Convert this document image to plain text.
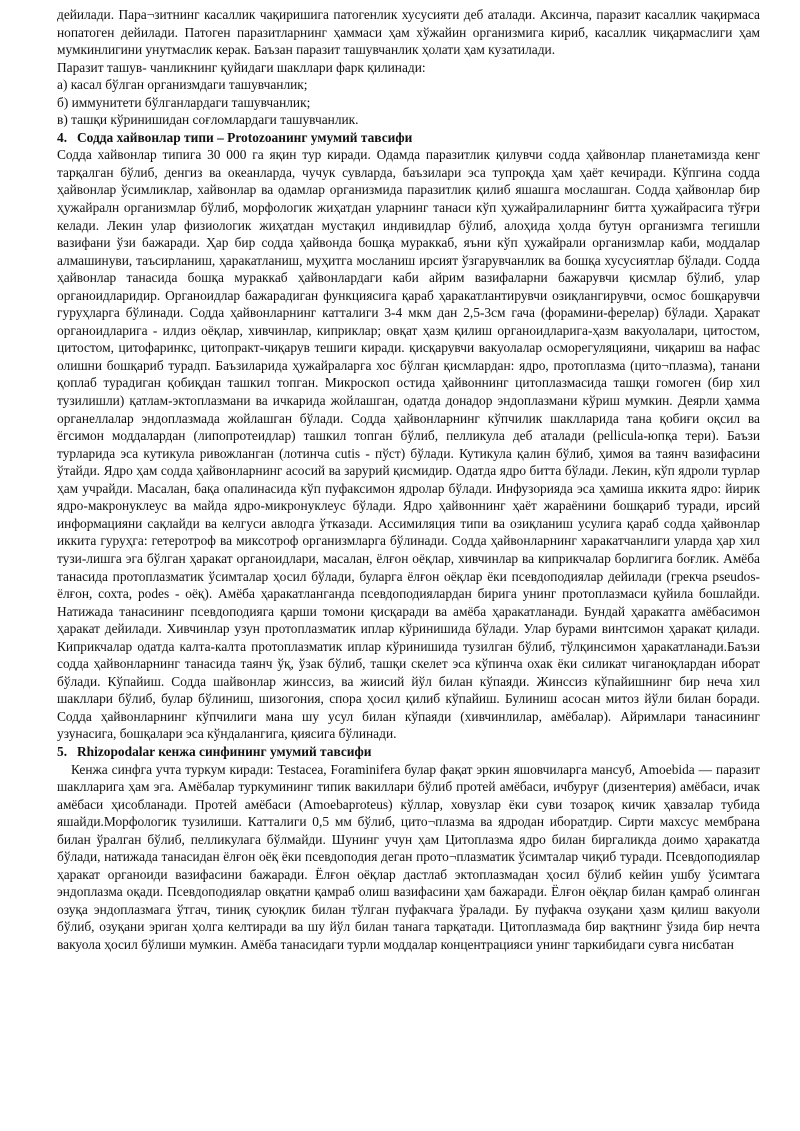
дейилади. Пара¬зитнинг касаллик чақиришига патогенлик хусусияти деб аталади. Аксинча, паразит касаллик чақирмаса нопатоген дейилади. Патоген паразитларнинг ҳаммаси ҳам хўжайин организмига кириб, касаллик чиқармаслиги ҳам мумкинлигини унутмаслик керак. Баъзан паразит ташувчанлик ҳолати ҳам кузатилади.

Паразит ташув- чанликнинг қуйидаги шакллари фарк қилинади:

а) касал бўлган организмдаги ташувчанлик;

б) иммунитети бўлганлардаги ташувчанлик;

в) ташқи кўринишидан соғломлардаги ташувчанлик.

4. Содда хайвонлар типи – Protozoaнинг умумий тавсифи

Содда хайвонлар типига 30 000 га яқин тур киради. Одамда паразитлик қилувчи содда ҳайвонлар планетамизда кенг тарқалган бўлиб, денгиз ва океанларда, чучук сувларда, баъзилари эса тупроқда ҳам ҳаёт кечиради. Кўпгина содда ҳайвонлар ўсимликлар, хайвонлар ва одамлар организмида паразитлик қилиб яшашга мослашган. Содда ҳайвонлар бир ҳужайралн организмлар бўлиб, морфологик жиҳатдан уларнинг танаси кўп ҳужайралиларнинг битта ҳужайрасига тўғри келади. Лекин улар физиологик жиҳатдан мустақил индивидлар бўлиб, алоҳида ҳолда бутун организмга тегишли вазифани ўзи бажаради. Ҳар бир содда ҳайвонда бошқа мураккаб, яъни кўп ҳужайрали организмлар каби, моддалар алмашинуви, таъсирланиш, ҳаракатланиш, муҳитга мосланиш ирсият ўзгарувчанлик ва бошқа хусусиятлар бўлади. Содда ҳайвонлар танасида бошқа мураккаб ҳайвонлардаги каби айрим вазифаларни бажарувчи қисмлар бўлиб, улар органоидларидир. Органоидлар бажарадиган функциясига қараб ҳаракатлантирувчи озиқлангирувчи, осмос бошқарувчи гуруҳларга бўлинади. Содда ҳайвонларнинг катталиги 3-4 мкм дан 2,5-3см гача (форамини-ферелар) бўлади. Ҳаракат органоидларига - илдиз оёқлар, хивчинлар, киприклар; овқат ҳазм қилиш органоидларига-ҳазм вакуолалари, цитостом, цитостом, цитофаринкс, цитопракт-чиқарув тешиги киради. қисқарувчи вакуолалар осморегуляцияни, чиқариш ва нафас олишни бошқариб турадп. Баъзиларида ҳужайраларга хос бўлган қисмлардан: ядро, протоплазма (цито¬плазма), танани қоплаб турадиган қобиқдан ташкил топган. Микроскоп остида ҳайвоннинг цитоплазмасида ташқи гомоген (бир хил тузилишли) қатлам-эктоплазмани ва ичкарида жойлашган, одатда донадор эндоплазмани кўриш мумкин. Деярли ҳамма органеллалар эндоплазмада жойлашган бўлади. Содда ҳайвонларнинг кўпчилик шаклларида тана қобиғи оқсил ва ёгсимон моддалардан (липопротеидлар) ташкил топган бўлиб, пелликула деб аталади (pellicula-юпқа тери). Баъзи турларида эса кутикула ривожланган (лотинча cutis - пўст) бўлади. Кутикула қалин бўлиб, ҳимоя ва таянч вазифасини ўтайди. Ядро ҳам содда ҳайвонларнинг асосий ва зарурий қисмидир. Одатда ядро битта бўлади. Лекин, кўп ядроли турлар ҳам учрайди. Масалан, бақа опалинасида кўп пуфаксимон ядролар бўлади. Инфузорияда эса ҳамиша иккита ядро: йирик ядро-макронуклеус ва майда ядро-микронуклеус бўлади. Ядро ҳайвоннинг ҳаёт жараёнини бошқариб туради, ирсий информацияни сақлайди ва келгуси авлодга ўтказади. Ассимиляция типи ва озиқланиш усулига қараб содда ҳайвонлар иккита гуруҳга: гетеротроф ва миксотроф организмларга бўлинади. Содда ҳайвонларнинг харакатчанлиги уларда ҳар хил тузи-лишга эга бўлган ҳаракат органоидлари, масалан, ёлғон оёқлар, хивчинлар ва киприкчалар борлигига боғлик. Амёба танасида протоплазматик ўсимталар ҳосил бўлади, буларга ёлғон оёқлар ёки псевдоподиялар дейилади (грекча pseudos- ёлғон, сохта, podes - оёқ). Амёба ҳаракатланганда псевдоподиялардан бирига унинг протоплазмаси қуйила бошлайди. Натижада танасининг псевдоподияга қарши томони қисқаради ва амёба ҳаракатланади. Бундай ҳаракатга амёбасимон ҳаракат дейилади. Хивчинлар узун протоплазматик иплар кўринишида бўлади. Улар бурами винтсимон ҳаракат қилади. Киприкчалар одатда калта-калта протоплазматик иплар кўринишида тузилган бўлиб, тўлқинсимон ҳаракатланади.Баъзи содда ҳайвонларнинг танасида таянч ўқ, ўзак бўлиб, ташқи скелет эса кўпинча охак ёки силикат чиганоқлардан иборат бўлади. Кўпайиш. Содда шайвонлар жинссиз, ва жиисий йўл билан кўпаяди. Жинссиз кўпайишнинг бир неча хил шакллари бўлиб, булар бўлиниш, шизогония, спора ҳосил қилиб кўпайиш. Булиниш асосан митоз йўли билан боради. Содда ҳайвонларнинг кўпчилиги мана шу усул билан кўпаяди (хивчинлилар, амёбалар). Айримлари танасининг узунасига, бошқалари эса кўндалангига, қиясига бўлинади.

5. Rhizopodalar кенжа синфининг умумий тавсифи

Кенжа синфга учта туркум киради: Testacea, Foraminifera булар фақат эркин яшовчиларга мансуб, Amoebida — паразит шаклларига ҳам эга. Амёбалар туркумининг типик вакиллари бўлиб протей амёбаси, ичбуруғ (дизентерия) амёбаси, ичак амёбаси ҳисобланади. Протей амёбаси (Amoebaproteus) кўллар, ховузлар ёки суви тозароқ кичик ҳавзалар тубида яшайди.Морфологик тузилиши. Катталиги 0,5 мм бўлиб, цито¬плазма ва ядродан иборатдир. Сирти махсус мембрана билан ўралган бўлиб, пелликулага бўлмайди. Шунинг учун ҳам Цитоплазма ядро билан биргаликда доимо ҳаракатда бўлади, натижада танасидан ёлғон оёқ ёки псевдоподия деган прото¬плазматик ўсимталар чиқиб туради. Псевдоподиялар ҳаракат органоиди вазифасини бажаради. Ёлғон оёқлар дастлаб эктоплазмадан ҳосил бўлиб кейин ушбу ўсимтага эндоплазма оқади. Псевдоподиялар овқатни қамраб олиш вазифасини ҳам бажаради. Ёлғон оёқлар билан қамраб олинган озуқа эндоплазмага ўтгач, тиниқ суюқлик билан тўлган пуфакчага ўралади. Бу пуфакча озуқани ҳазм қилиш вакуоли бўлиб, озуқани эриган ҳолга келтиради ва шу йўл билан танага тарқатади. Цитоплазмада бир вақтнинг ўзида бир нечта вакуола ҳосил бўлиши мумкин. Амёба танасидаги турли моддалар концентрацияси унинг таркибидаги сувга нисбатан
